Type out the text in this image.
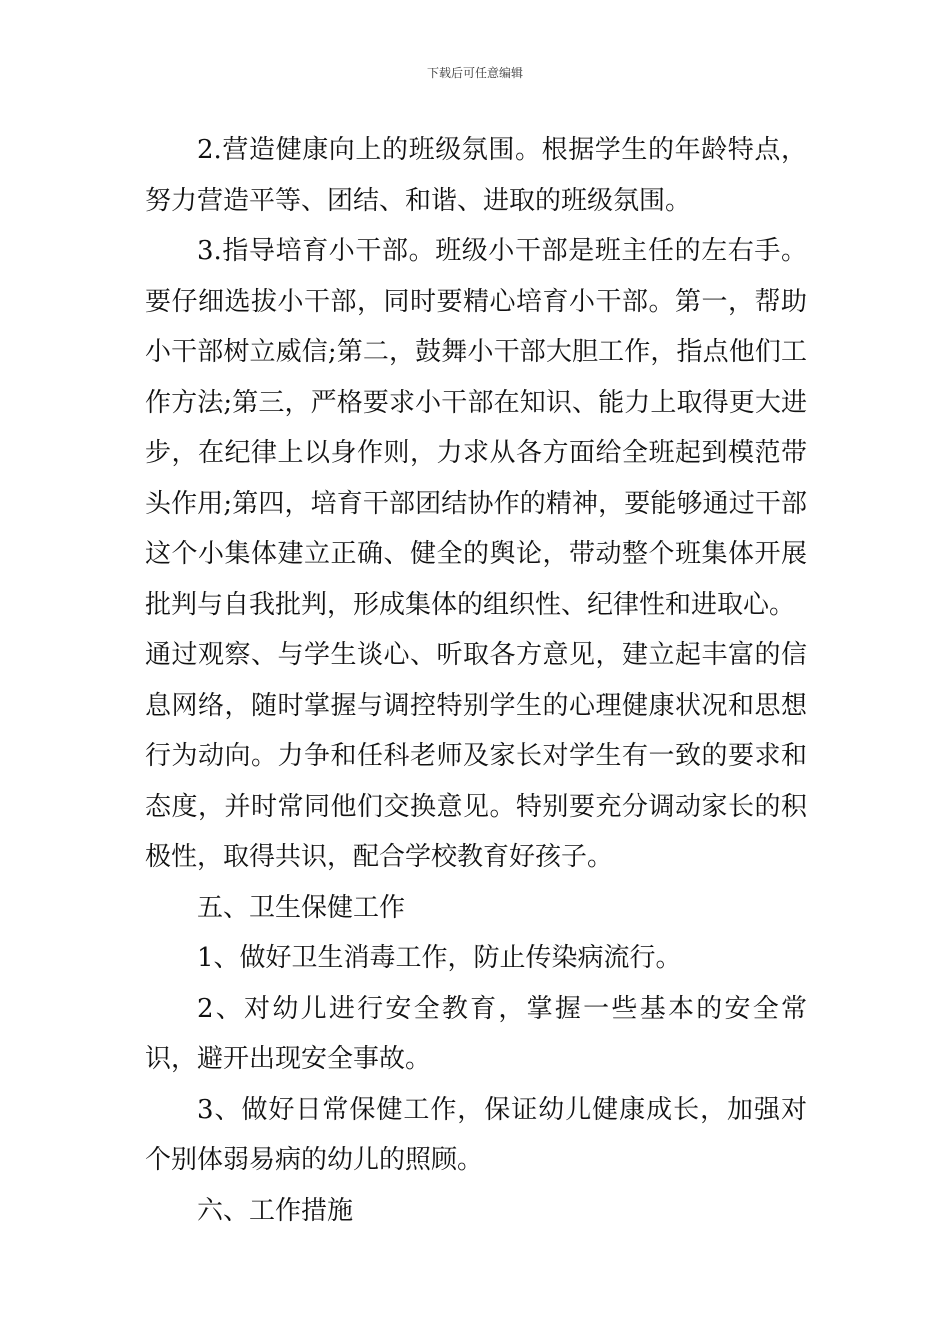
下载后可任意编辑

2.营造健康向上的班级氛围。根据学生的年龄特点，努力营造平等、团结、和谐、进取的班级氛围。

3.指导培育小干部。班级小干部是班主任的左右手。要仔细选拔小干部，同时要精心培育小干部。第一，帮助小干部树立威信;第二，鼓舞小干部大胆工作，指点他们工作方法;第三，严格要求小干部在知识、能力上取得更大进步，在纪律上以身作则，力求从各方面给全班起到模范带头作用;第四，培育干部团结协作的精神，要能够通过干部这个小集体建立正确、健全的舆论，带动整个班集体开展批判与自我批判，形成集体的组织性、纪律性和进取心。

通过观察、与学生谈心、听取各方意见，建立起丰富的信息网络，随时掌握与调控特别学生的心理健康状况和思想行为动向。力争和任科老师及家长对学生有一致的要求和态度，并时常同他们交换意见。特别要充分调动家长的积极性，取得共识，配合学校教育好孩子。

五、卫生保健工作

1、做好卫生消毒工作，防止传染病流行。

2、对幼儿进行安全教育，掌握一些基本的安全常识，避开出现安全事故。

3、做好日常保健工作，保证幼儿健康成长，加强对个别体弱易病的幼儿的照顾。

六、工作措施
